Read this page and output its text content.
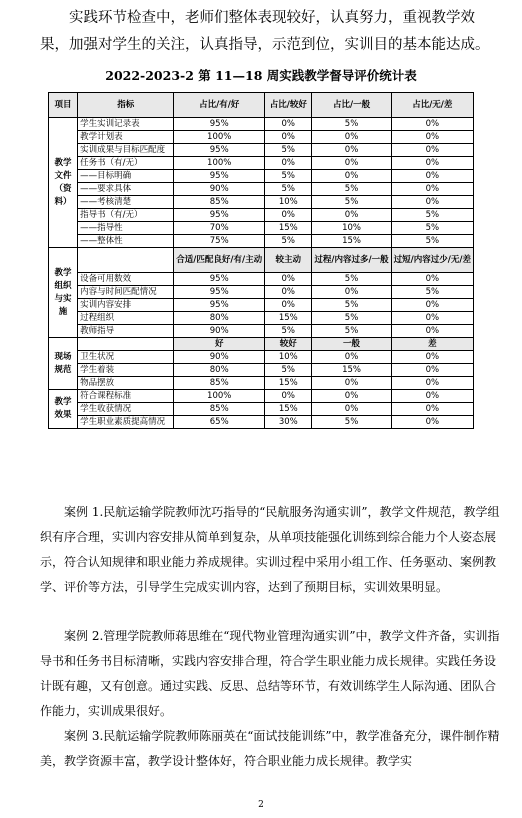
实践环节检查中，老师们整体表现较好，认真努力，重视教学效果，加强对学生的关注，认真指导，示范到位，实训目的基本能达成。
2022-2023-2 第 11—18 周实践教学督导评价统计表
项目	指标	占比/有/好	占比/较好	占比/一般	占比/无/差
教学文件（资料）	学生实训记录表	95%	0%	5%	0%
	教学计划表	100%	0%	0%	0%
	实训成果与目标匹配度	95%	5%	0%	0%
	任务书（有/无）	100%	0%	0%	0%
	——目标明确	95%	5%	0%	0%
	——要求具体	90%	5%	5%	0%
	——考核清楚	85%	10%	5%	0%
	指导书（有/无）	95%	0%	0%	5%
	——指导性	70%	15%	10%	5%
	——整体性	75%	5%	15%	5%
教学组织与实施		合适/匹配良好/有/主动	较主动	过程/内容过多/一般	过短/内容过少/无/差
	设备可用数效	95%	0%	5%	0%
	内容与时间匹配情况	95%	0%	0%	5%
	实训内容安排	95%	0%	5%	0%
	过程组织	80%	15%	5%	0%
	教师指导	90%	5%	5%	0%
现场规范		好	较好	一般	差
	卫生状况	90%	10%	0%	0%
	学生着装	80%	5%	15%	0%
	物品摆放	85%	15%	0%	0%
教学效果	符合课程标准	100%	0%	0%	0%
	学生收获情况	85%	15%	0%	0%
	学生职业素质提高情况	65%	30%	5%	0%
案例 1.民航运输学院教师沈巧指导的“民航服务沟通实训”，教学文件规范，教学组织有序合理，实训内容安排从简单到复杂，从单项技能强化训练到综合能力个人姿态展示，符合认知规律和职业能力养成规律。实训过程中采用小组工作、任务驱动、案例教学、评价等方法，引导学生完成实训内容，达到了预期目标，实训效果明显。
案例 2.管理学院教师蒋思维在“现代物业管理沟通实训”中，教学文件齐备，实训指导书和任务书目标清晰，实践内容安排合理，符合学生职业能力成长规律。实践任务设计既有趣，又有创意。通过实践、反思、总结等环节，有效训练学生人际沟通、团队合作能力，实训成果很好。
案例 3.民航运输学院教师陈丽英在“面试技能训练”中，教学准备充分，课件制作精美，教学资源丰富，教学设计整体好，符合职业能力成长规律。教学实
2
